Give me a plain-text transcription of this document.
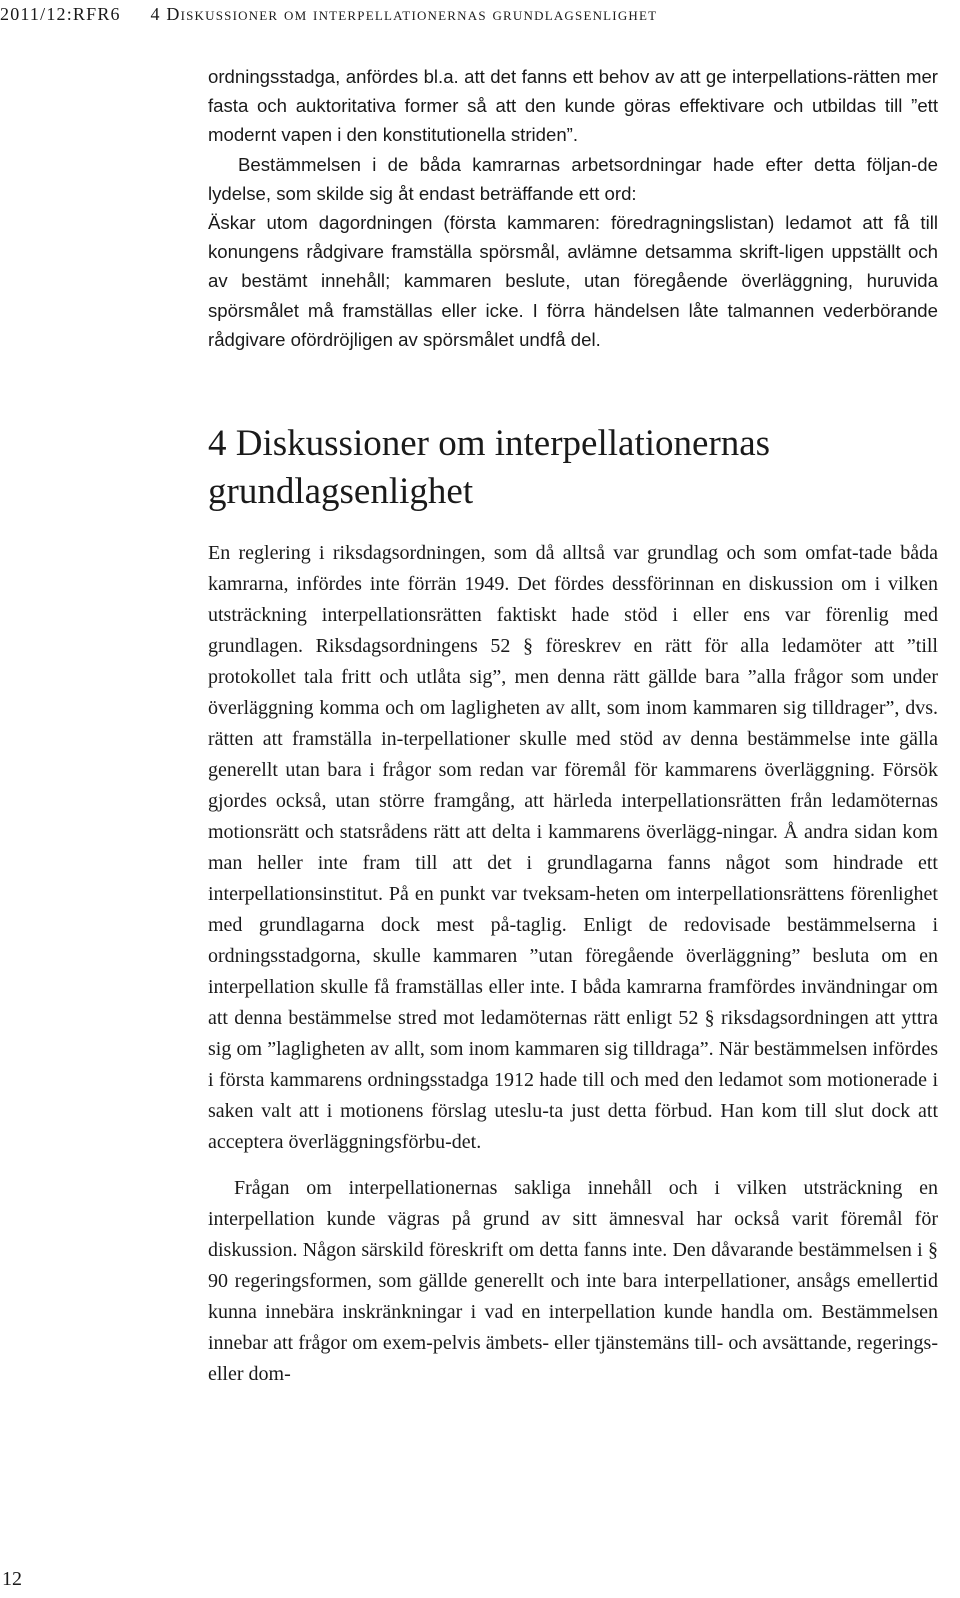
2011/12:RFR6 4 Diskussioner om interpellationernas grundlagsenlighet

ordningsstadga, anfördes bl.a. att det fanns ett behov av att ge interpellations-rätten mer fasta och auktoritativa former så att den kunde göras effektivare och utbildas till ”ett modernt vapen i den konstitutionella striden”.

Bestämmelsen i de båda kamrarnas arbetsordningar hade efter detta följan-de lydelse, som skilde sig åt endast beträffande ett ord:

Äskar utom dagordningen (första kammaren: föredragningslistan) ledamot att få till konungens rådgivare framställa spörsmål, avlämne detsamma skrift-ligen uppställt och av bestämt innehåll; kammaren beslute, utan föregående överläggning, huruvida spörsmålet må framställas eller icke. I förra händelsen låte talmannen vederbörande rådgivare ofördröjligen av spörsmålet undfå del.

4 Diskussioner om interpellationernas grundlagsenlighet

En reglering i riksdagsordningen, som då alltså var grundlag och som omfat-tade båda kamrarna, infördes inte förrän 1949. Det fördes dessförinnan en diskussion om i vilken utsträckning interpellationsrätten faktiskt hade stöd i eller ens var förenlig med grundlagen. Riksdagsordningens 52 § föreskrev en rätt för alla ledamöter att ”till protokollet tala fritt och utlåta sig”, men denna rätt gällde bara ”alla frågor som under överläggning komma och om lagligheten av allt, som inom kammaren sig tilldrager”, dvs. rätten att framställa in-terpellationer skulle med stöd av denna bestämmelse inte gälla generellt utan bara i frågor som redan var föremål för kammarens överläggning. Försök gjordes också, utan större framgång, att härleda interpellationsrätten från ledamöternas motionsrätt och statsrådens rätt att delta i kammarens överlägg-ningar. Å andra sidan kom man heller inte fram till att det i grundlagarna fanns något som hindrade ett interpellationsinstitut. På en punkt var tveksam-heten om interpellationsrättens förenlighet med grundlagarna dock mest på-taglig. Enligt de redovisade bestämmelserna i ordningsstadgorna, skulle kammaren ”utan föregående överläggning” besluta om en interpellation skulle få framställas eller inte. I båda kamrarna framfördes invändningar om att denna bestämmelse stred mot ledamöternas rätt enligt 52 § riksdagsordningen att yttra sig om ”lagligheten av allt, som inom kammaren sig tilldraga”. När bestämmelsen infördes i första kammarens ordningsstadga 1912 hade till och med den ledamot som motionerade i saken valt att i motionens förslag uteslu-ta just detta förbud. Han kom till slut dock att acceptera överläggningsförbu-det.

Frågan om interpellationernas sakliga innehåll och i vilken utsträckning en interpellation kunde vägras på grund av sitt ämnesval har också varit föremål för diskussion. Någon särskild föreskrift om detta fanns inte. Den dåvarande bestämmelsen i § 90 regeringsformen, som gällde generellt och inte bara interpellationer, ansågs emellertid kunna innebära inskränkningar i vad en interpellation kunde handla om. Bestämmelsen innebar att frågor om exem-pelvis ämbets- eller tjänstemäns till- och avsättande, regerings- eller dom-

12
